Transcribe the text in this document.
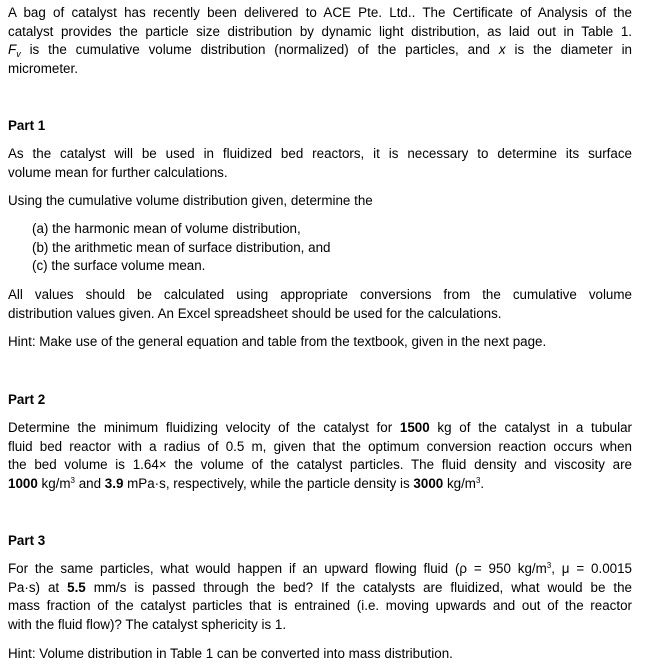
A bag of catalyst has recently been delivered to ACE Pte. Ltd.. The Certificate of Analysis of the
catalyst provides the particle size distribution by dynamic light distribution, as laid out in Table 1.
$F_v$ is the cumulative volume distribution (normalized) of the particles, and x is the diameter in
micrometer.
Part 1
As the catalyst will be used in fluidized bed reactors, it is necessary to determine its surface
volume mean for further calculations.
Using the cumulative volume distribution given, determine the
(a) the harmonic mean of volume distribution,
(b) the arithmetic mean of surface distribution, and
(c) the surface volume mean.
All values should be calculated using appropriate conversions from the cumulative volume
distribution values given. An Excel spreadsheet should be used for the calculations.
Hint: Make use of the general equation and table from the textbook, given in the next page.
Part 2
Determine the minimum fluidizing velocity of the catalyst for 1500 kg of the catalyst in a tubular
fluid bed reactor with a radius of 0.5 m, given that the optimum conversion reaction occurs when
the bed volume is 1.64× the volume of the catalyst particles. The fluid density and viscosity are
1000 $kg/m^3$ and 3.9 mPa·s, respectively, while the particle density is 3000 $kg/m^3$.
Part 3
For the same particles, what would happen if an upward flowing fluid (ρ = 950 $kg/m^3$, μ = 0.0015
Pa·s) at 5.5 mm/s is passed through the bed? If the catalysts are fluidized, what would be the
mass fraction of the catalyst particles that is entrained (i.e. moving upwards and out of the reactor
with the fluid flow)? The catalyst sphericity is 1.
Hint: Volume distribution in Table 1 can be converted into mass distribution.
